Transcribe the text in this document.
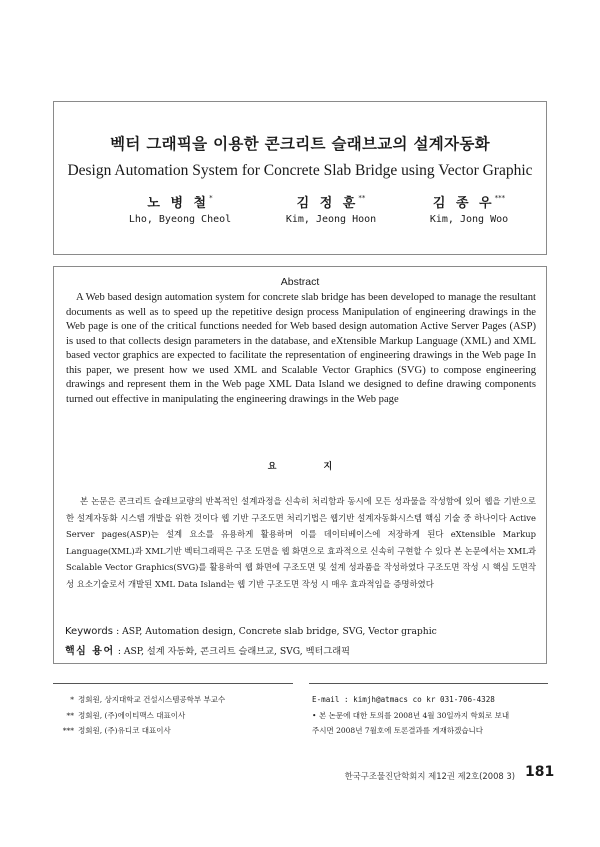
벡터 그래픽을 이용한 콘크리트 슬래브교의 설계자동화
Design Automation System for Concrete Slab Bridge using Vector Graphic
노 병 철*
Lho, Byeong Cheol
김 정 훈**
Kim, Jeong Hoon
김 종 우***
Kim, Jong Woo
Abstract
A Web based design automation system for concrete slab bridge has been developed to manage the resultant documents as well as to speed up the repetitive design process Manipulation of engineering drawings in the Web page is one of the critical functions needed for Web based design automation Active Server Pages (ASP) is used to that collects design parameters in the database, and eXtensible Markup Language (XML) and XML based vector graphics are expected to facilitate the representation of engineering drawings in the Web page In this paper, we present how we used XML and Scalable Vector Graphics (SVG) to compose engineering drawings and represent them in the Web page XML Data Island we designed to define drawing components turned out effective in manipulating the engineering drawings in the Web page
요 지
본 논문은 콘크리트 슬래브교량의 반복적인 설계과정을 신속히 처리함과 동시에 모든 성과물을 작성함에 있어 웹을 기반으로 한 설계자동화 시스템 개발을 위한 것이다 웹 기반 구조도면 처리기법은 웹기반 설계자동화시스템 핵심 기술 중 하나이다 Active Server pages(ASP)는 설계 요소를 유용하게 활용하며 이를 데이터베이스에 저장하게 된다 eXtensible Markup Language(XML)과 XML기반 벡터그래픽은 구조 도면을 웹 화면으로 효과적으로 신속히 구현할 수 있다 본 논문에서는 XML과 Scalable Vector Graphics(SVG)를 활용하여 웹 화면에 구조도면 및 설계 성과품을 작성하였다 구조도면 작성 시 핵심 도면작성 요소기술로서 개발된 XML Data Island는 웹 기반 구조도면 작성 시 매우 효과적임을 증명하였다
Keywords : ASP, Automation design, Concrete slab bridge, SVG, Vector graphic
핵심 용어 : ASP, 설계 자동화, 콘크리트 슬래브교, SVG, 벡터그래픽
* 정회원, 상지대학교 건설시스템공학부 부교수
** 정회원, (주)에이티맥스 대표이사
*** 정회원, (주)유디코 대표이사
E-mail : kimjh@atmacs co kr 031-706-4328
• 본 논문에 대한 토의를 2008년 4월 30일까지 학회로 보내
주시면 2008년 7월호에 토론결과를 게재하겠습니다
한국구조물진단학회지 제12권 제2호(2008 3) 181
